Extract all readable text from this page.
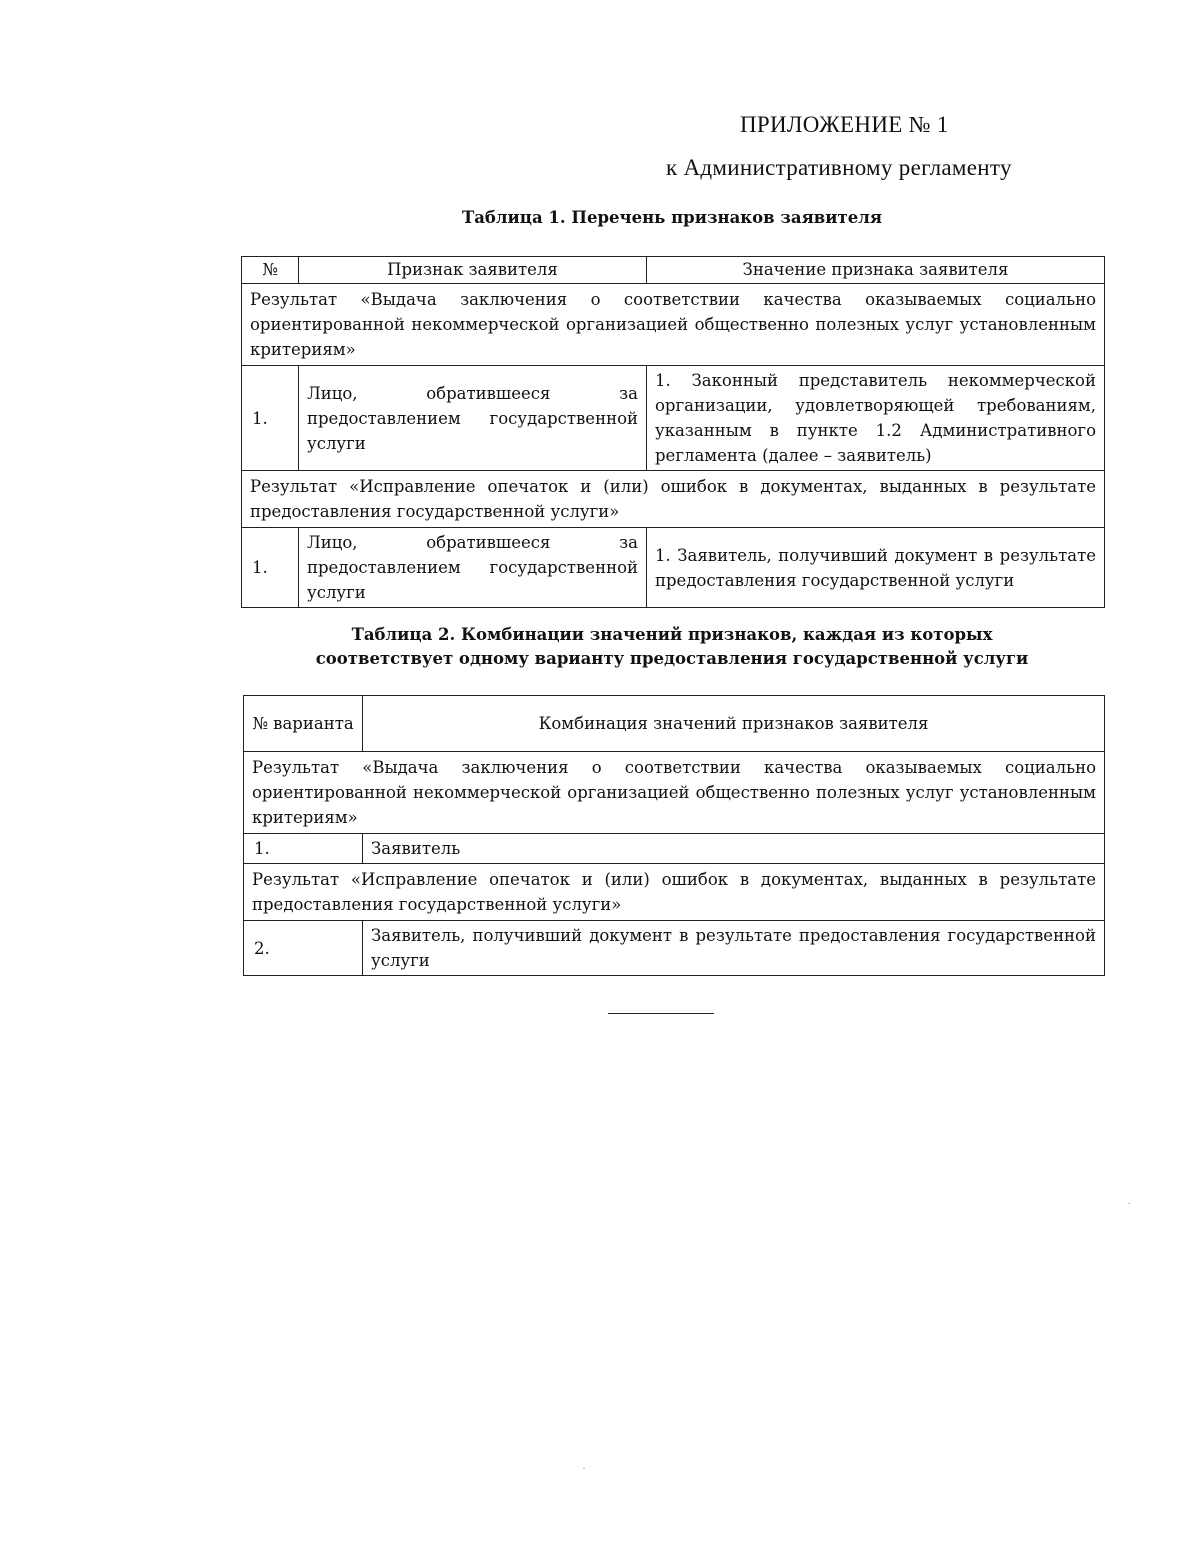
ПРИЛОЖЕНИЕ № 1
к Административному регламенту
Таблица 1. Перечень признаков заявителя
№	Признак заявителя	Значение признака заявителя
Результат «Выдача заключения о соответствии качества оказываемых социально ориентированной некоммерческой организацией общественно полезных услуг установленным критериям»		
1.	Лицо, обратившееся за предоставлением государственной услуги	1. Законный представитель некоммерческой организации, удовлетворяющей требованиям, указанным в пункте 1.2 Административного регламента (далее – заявитель)
Результат «Исправление опечаток и (или) ошибок в документах, выданных в результате предоставления государственной услуги»		
1.	Лицо, обратившееся за предоставлением государственной услуги	1. Заявитель, получивший документ в результате предоставления государственной услуги
Таблица 2. Комбинации значений признаков, каждая из которых
соответствует одному варианту предоставления государственной услуги
№ варианта	Комбинация значений признаков заявителя
Результат «Выдача заключения о соответствии качества оказываемых социально ориентированной некоммерческой организацией общественно полезных услуг установленным критериям»	
1.	Заявитель
Результат «Исправление опечаток и (или) ошибок в документах, выданных в результате предоставления государственной услуги»	
2.	Заявитель, получивший документ в результате предоставления государственной услуги
